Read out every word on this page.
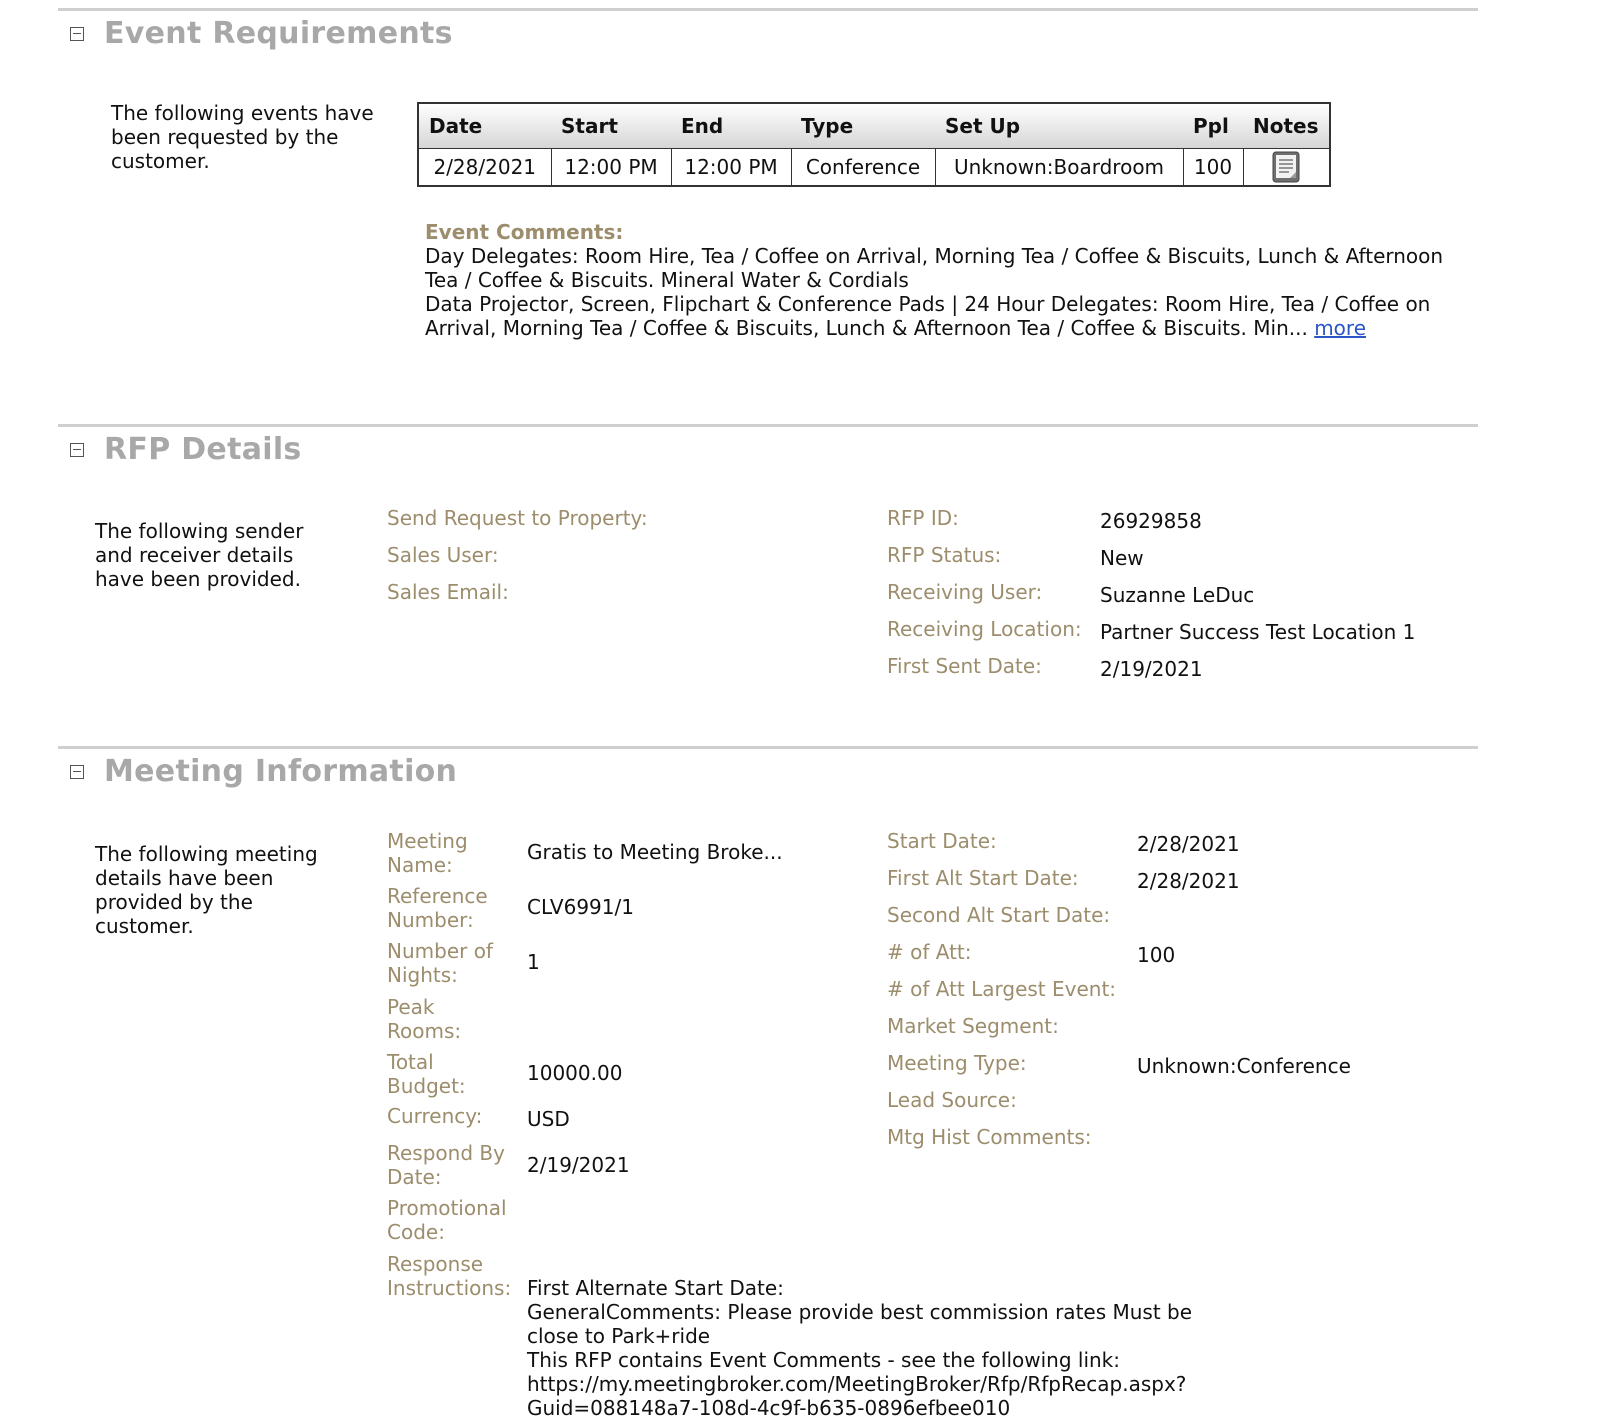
Event Requirements
The following events have been requested by the customer.
Date	Start	End	Type	Set Up	Ppl	Notes
2/28/2021	12:00 PM	12:00 PM	Conference	Unknown:Boardroom	100	
Event Comments:
Day Delegates: Room Hire, Tea / Coffee on Arrival, Morning Tea / Coffee & Biscuits, Lunch & Afternoon Tea / Coffee & Biscuits. Mineral Water & Cordials
Data Projector, Screen, Flipchart & Conference Pads | 24 Hour Delegates: Room Hire, Tea / Coffee on Arrival, Morning Tea / Coffee & Biscuits, Lunch & Afternoon Tea / Coffee & Biscuits. Min... more
RFP Details
The following sender and receiver details have been provided.
Send Request to Property:
Sales User:
Sales Email:
RFP ID:	26929858
RFP Status:	New
Receiving User:	Suzanne LeDuc
Receiving Location: Partner Success Test Location 1
First Sent Date:	2/19/2021
Meeting Information
The following meeting details have been provided by the customer.
Meeting Name:
Gratis to Meeting Broke...
Reference Number:
CLV6991/1
Number of Nights:
1
Peak Rooms:
Total Budget:
10000.00
Currency: USD
Respond By Date:	2/19/2021
Promotional Code:
Response Instructions: First Alternate Start Date:
GeneralComments: Please provide best commission rates Must be
close to Park+ride
This RFP contains Event Comments - see the following link:
https://my.meetingbroker.com/MeetingBroker/Rfp/RfpRecap.aspx?
Guid=088148a7-108d-4c9f-b635-0896efbee010
Start Date:	2/28/2021
First Alt Start Date:	2/28/2021
Second Alt Start Date:
# of Att:	100
# of Att Largest Event:
Market Segment:
Meeting Type:	Unknown:Conference
Lead Source:
Mtg Hist Comments:
